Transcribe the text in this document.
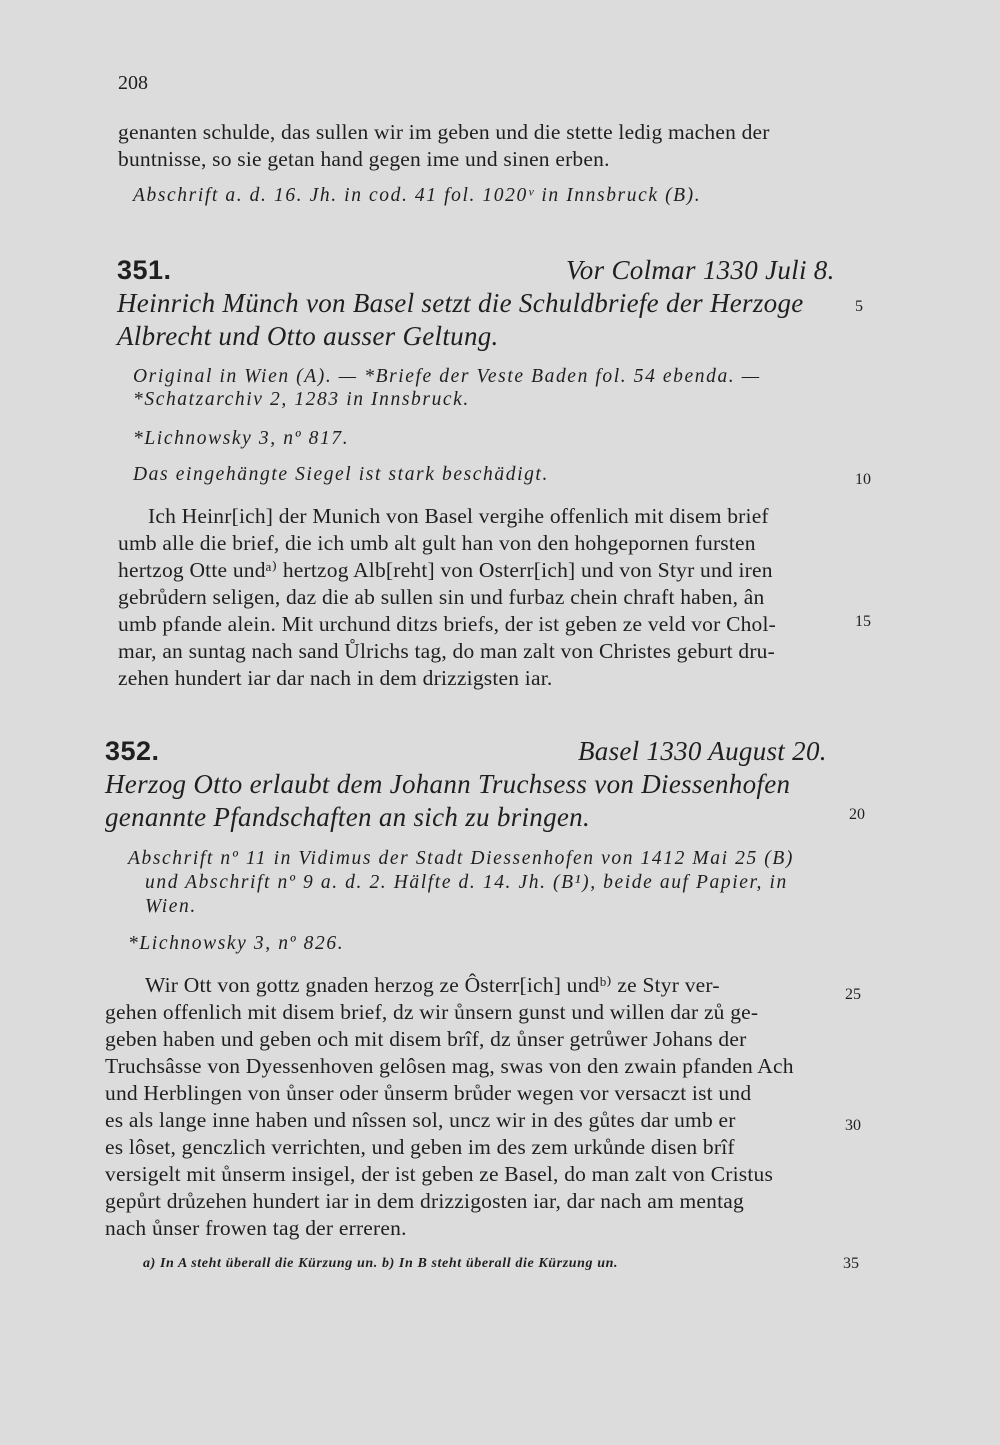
208
genanten schulde, das sullen wir im geben und die stette ledig machen der
buntnisse, so sie getan hand gegen ime und sinen erben.
Abschrift a. d. 16. Jh. in cod. 41 fol. 1020ᵛ in Innsbruck (B).
351.	Vor Colmar 1330 Juli 8.
Heinrich Münch von Basel setzt die Schuldbriefe der Herzoge
Albrecht und Otto ausser Geltung.
Original in Wien (A). — *Briefe der Veste Baden fol. 54 ebenda. —
*Schatzarchiv 2, 1283 in Innsbruck.
*Lichnowsky 3, nº 817.
Das eingehängte Siegel ist stark beschädigt.
Ich Heinr[ich] der Munich von Basel vergihe offenlich mit disem brief
umb alle die brief, die ich umb alt gult han von den hohgepornen fursten
hertzog Otte undᵃ⁾ hertzog Alb[reht] von Osterr[ich] und von Styr und iren
gebrůdern seligen, daz die ab sullen sin und furbaz chein chraft haben, ân
umb pfande alein. Mit urchund ditzs briefs, der ist geben ze veld vor Chol-
mar, an suntag nach sand Ůlrichs tag, do man zalt von Christes geburt dru-
zehen hundert iar dar nach in dem drizzigsten iar.
352.	Basel 1330 August 20.
Herzog Otto erlaubt dem Johann Truchsess von Diessenhofen
genannte Pfandschaften an sich zu bringen.
Abschrift nº 11 in Vidimus der Stadt Diessenhofen von 1412 Mai 25 (B)
und Abschrift nº 9 a. d. 2. Hälfte d. 14. Jh. (B¹), beide auf Papier, in
Wien.
*Lichnowsky 3, nº 826.
Wir Ott von gottz gnaden herzog ze Ôsterr[ich] undᵇ⁾ ze Styr ver-
gehen offenlich mit disem brief, dz wir ůnsern gunst und willen dar zů ge-
geben haben und geben och mit disem brîf, dz ůnser getrůwer Johans der
Truchsâsse von Dyessenhoven gelôsen mag, swas von den zwain pfanden Ach
und Herblingen von ůnser oder ůnserm brůder wegen vor versaczt ist und
es als lange inne haben und nîssen sol, uncz wir in des gůtes dar umb er
es lôset, genczlich verrichten, und geben im des zem urkůnde disen brîf
versigelt mit ůnserm insigel, der ist geben ze Basel, do man zalt von Cristus
gepůrt drůzehen hundert iar in dem drizzigosten iar, dar nach am mentag
nach ůnser frowen tag der erreren.
5
10
15
20
25
30
a) In A steht überall die Kürzung un. b) In B steht überall die Kürzung un.	35
